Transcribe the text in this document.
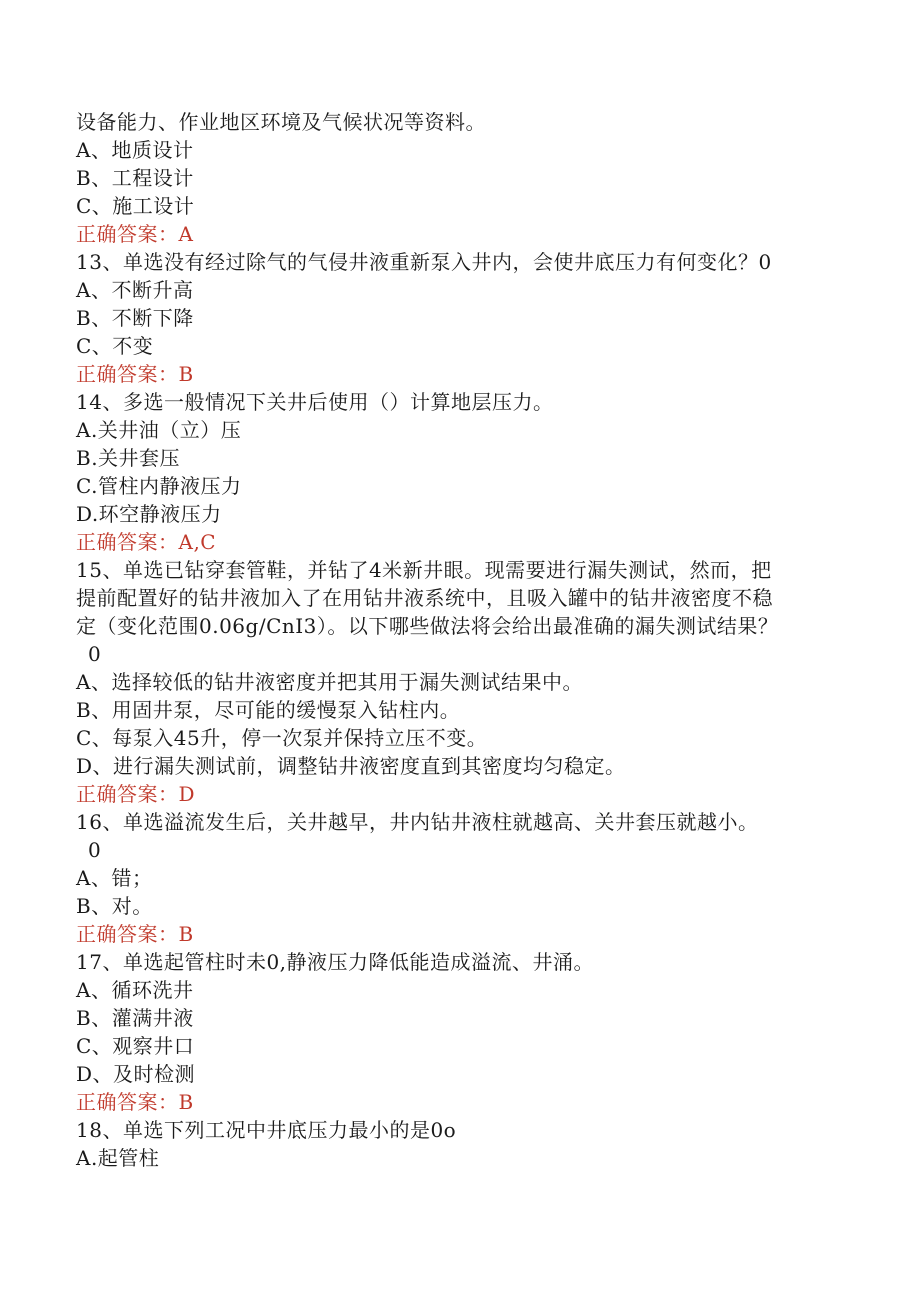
设备能力、作业地区环境及气候状况等资料。
A、地质设计
B、工程设计
C、施工设计
正确答案：A
13、单选没有经过除气的气侵井液重新泵入井内，会使井底压力有何变化？0
A、不断升高
B、不断下降
C、不变
正确答案：B
14、多选一般情况下关井后使用（）计算地层压力。
A.关井油（立）压
B.关井套压
C.管柱内静液压力
D.环空静液压力
正确答案：A,C
15、单选已钻穿套管鞋，并钻了4米新井眼。现需要进行漏失测试，然而，把
提前配置好的钻井液加入了在用钻井液系统中，且吸入罐中的钻井液密度不稳
定（变化范围0.06g/CnI3）。以下哪些做法将会给出最准确的漏失测试结果？
0
A、选择较低的钻井液密度并把其用于漏失测试结果中。
B、用固井泵，尽可能的缓慢泵入钻柱内。
C、每泵入45升，停一次泵并保持立压不变。
D、进行漏失测试前，调整钻井液密度直到其密度均匀稳定。
正确答案：D
16、单选溢流发生后，关井越早，井内钻井液柱就越高、关井套压就越小。
0
A、错；
B、对。
正确答案：B
17、单选起管柱时未0,静液压力降低能造成溢流、井涌。
A、循环洗井
B、灌满井液
C、观察井口
D、及时检测
正确答案：B
18、单选下列工况中井底压力最小的是0o
A.起管柱
